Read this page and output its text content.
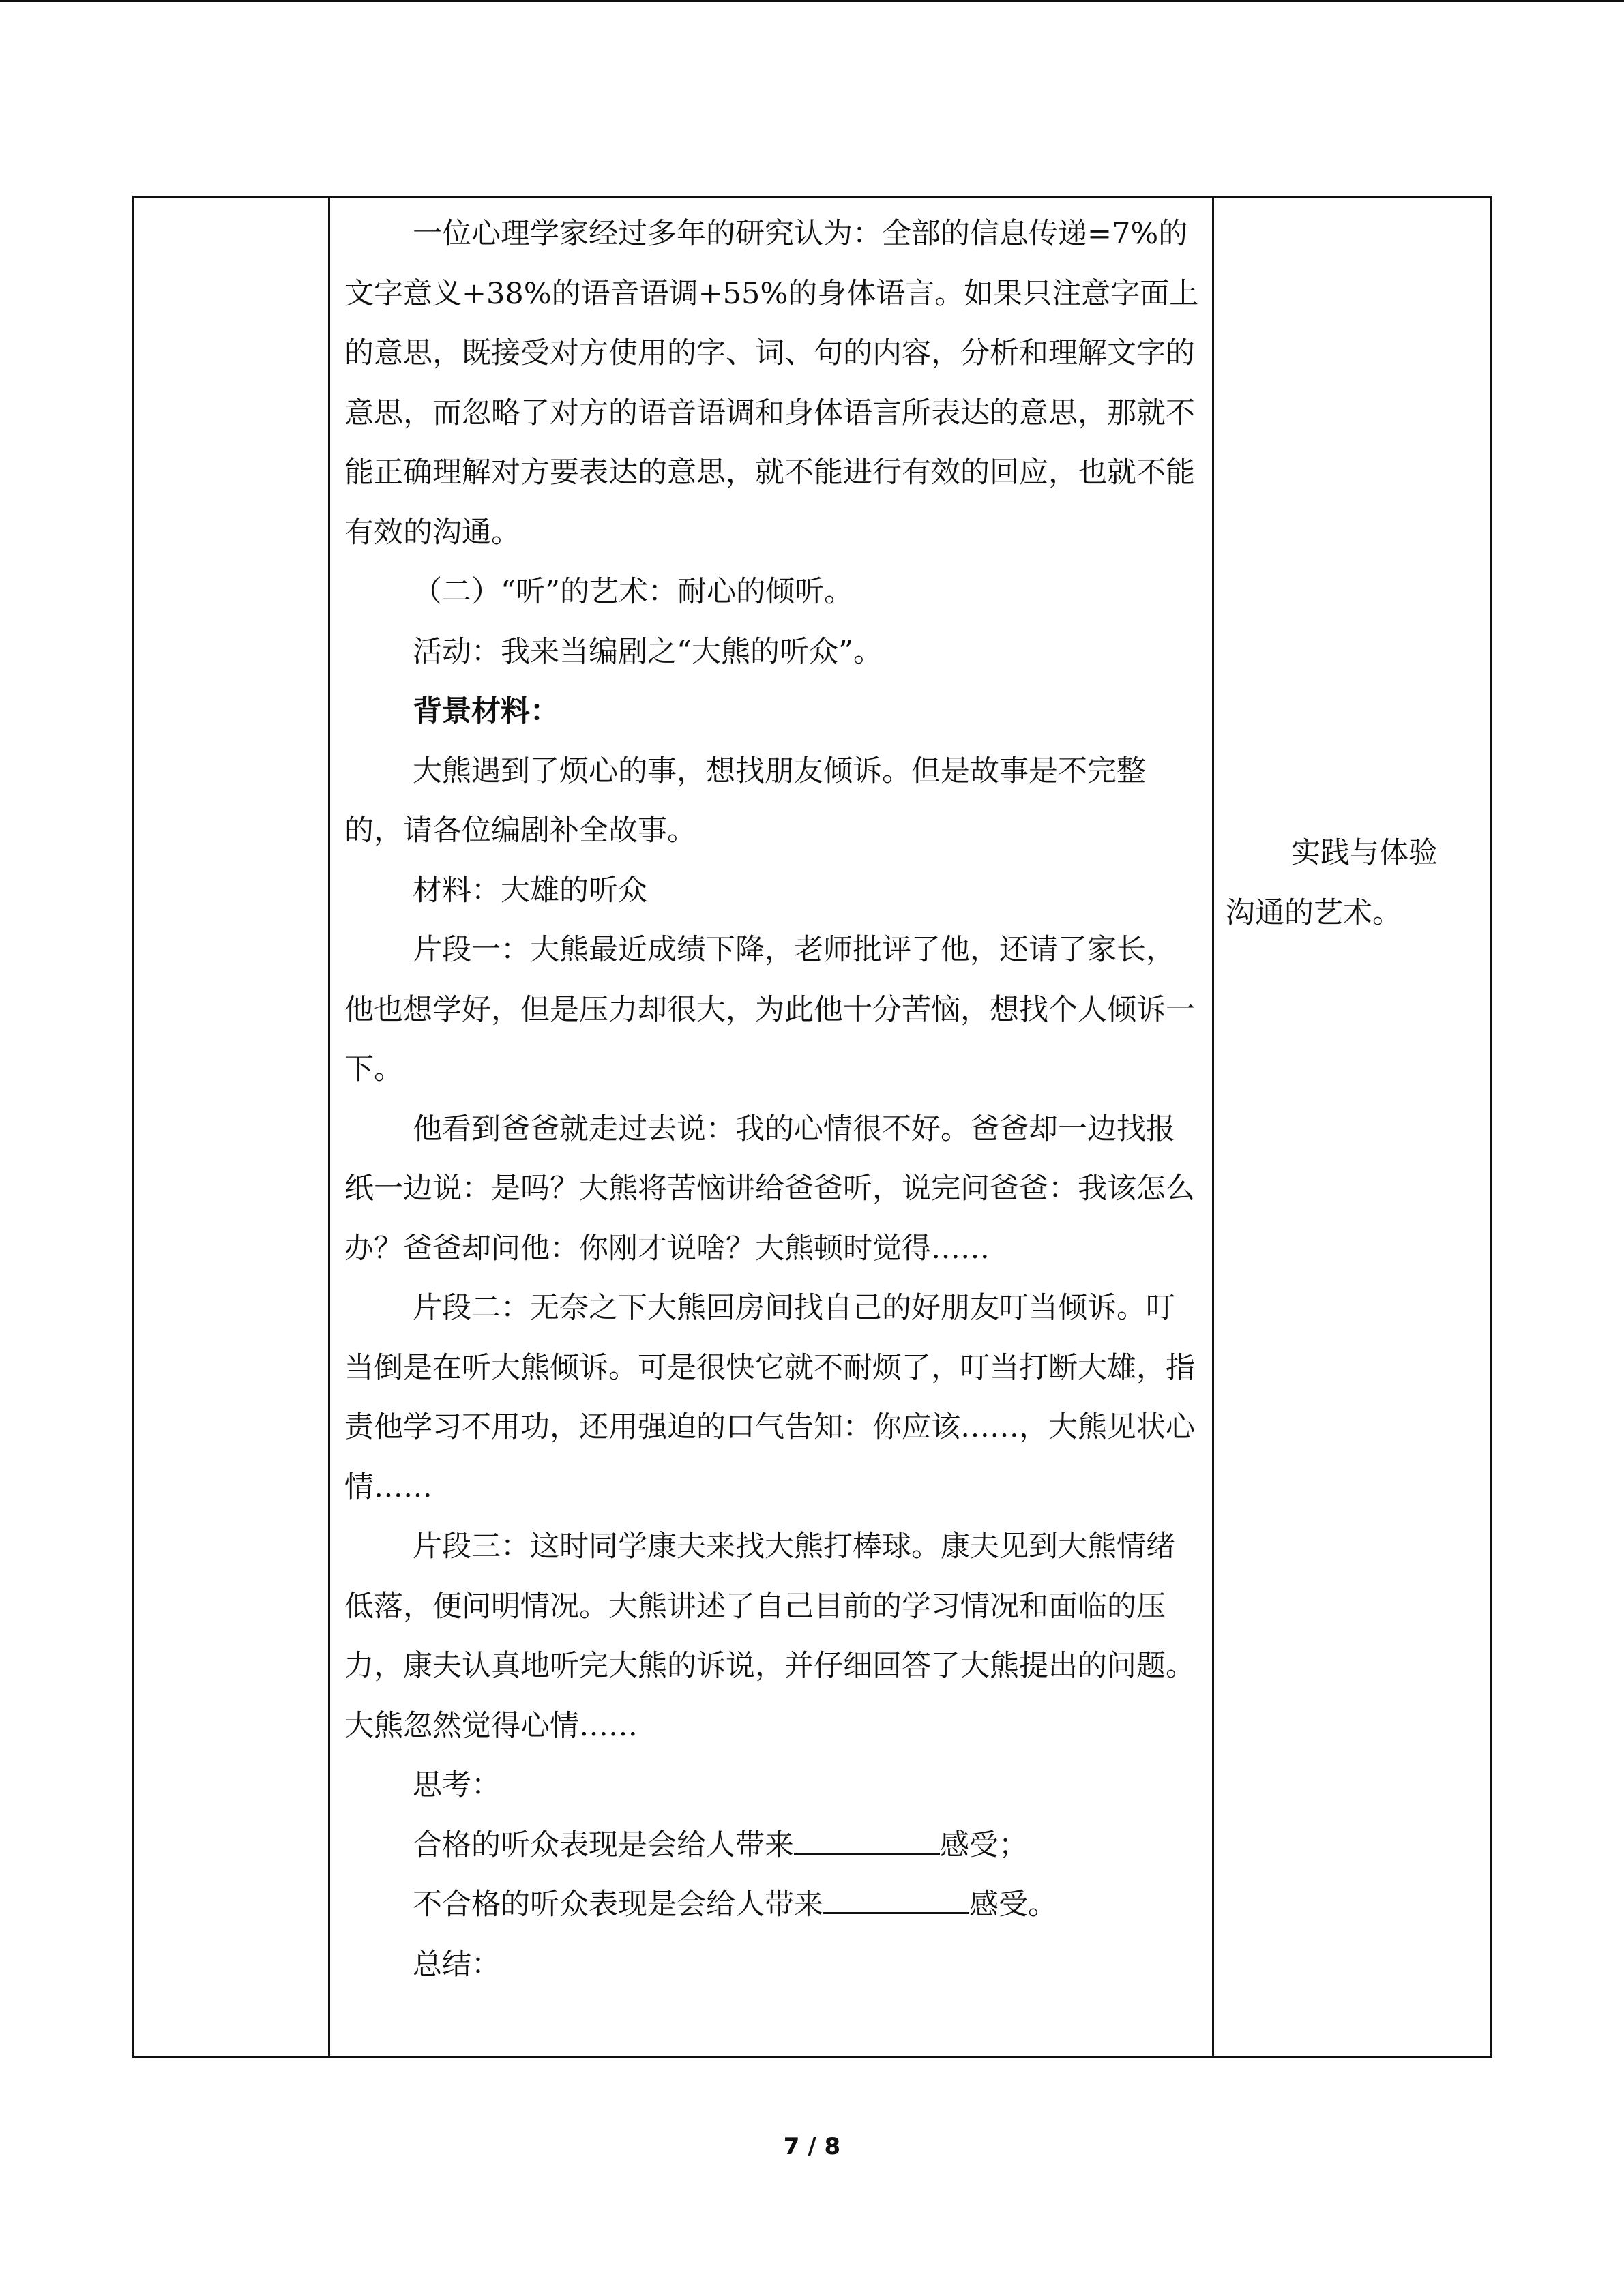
一位心理学家经过多年的研究认为：全部的信息传递=7%的文字意义+38%的语音语调+55%的身体语言。如果只注意字面上的意思，既接受对方使用的字、词、句的内容，分析和理解文字的意思，而忽略了对方的语音语调和身体语言所表达的意思，那就不能正确理解对方要表达的意思，就不能进行有效的回应，也就不能有效的沟通。

（二）“听”的艺术：耐心的倾听。

活动：我来当编剧之“大熊的听众”。

背景材料：

大熊遇到了烦心的事，想找朋友倾诉。但是故事是不完整的，请各位编剧补全故事。

材料：大雄的听众

片段一：大熊最近成绩下降，老师批评了他，还请了家长，他也想学好，但是压力却很大，为此他十分苦恼，想找个人倾诉一下。

他看到爸爸就走过去说：我的心情很不好。爸爸却一边找报纸一边说：是吗？大熊将苦恼讲给爸爸听，说完问爸爸：我该怎么办？爸爸却问他：你刚才说啥？大熊顿时觉得……

片段二：无奈之下大熊回房间找自己的好朋友叮当倾诉。叮当倒是在听大熊倾诉。可是很快它就不耐烦了，叮当打断大雄，指责他学习不用功，还用强迫的口气告知：你应该……，大熊见状心情……

片段三：这时同学康夫来找大熊打棒球。康夫见到大熊情绪低落，便问明情况。大熊讲述了自己目前的学习情况和面临的压力，康夫认真地听完大熊的诉说，并仔细回答了大熊提出的问题。大熊忽然觉得心情……

思考：

合格的听众表现是会给人带来	感受；

不合格的听众表现是会给人带来	感受。

总结：

实践与体验

沟通的艺术。

7 / 8
